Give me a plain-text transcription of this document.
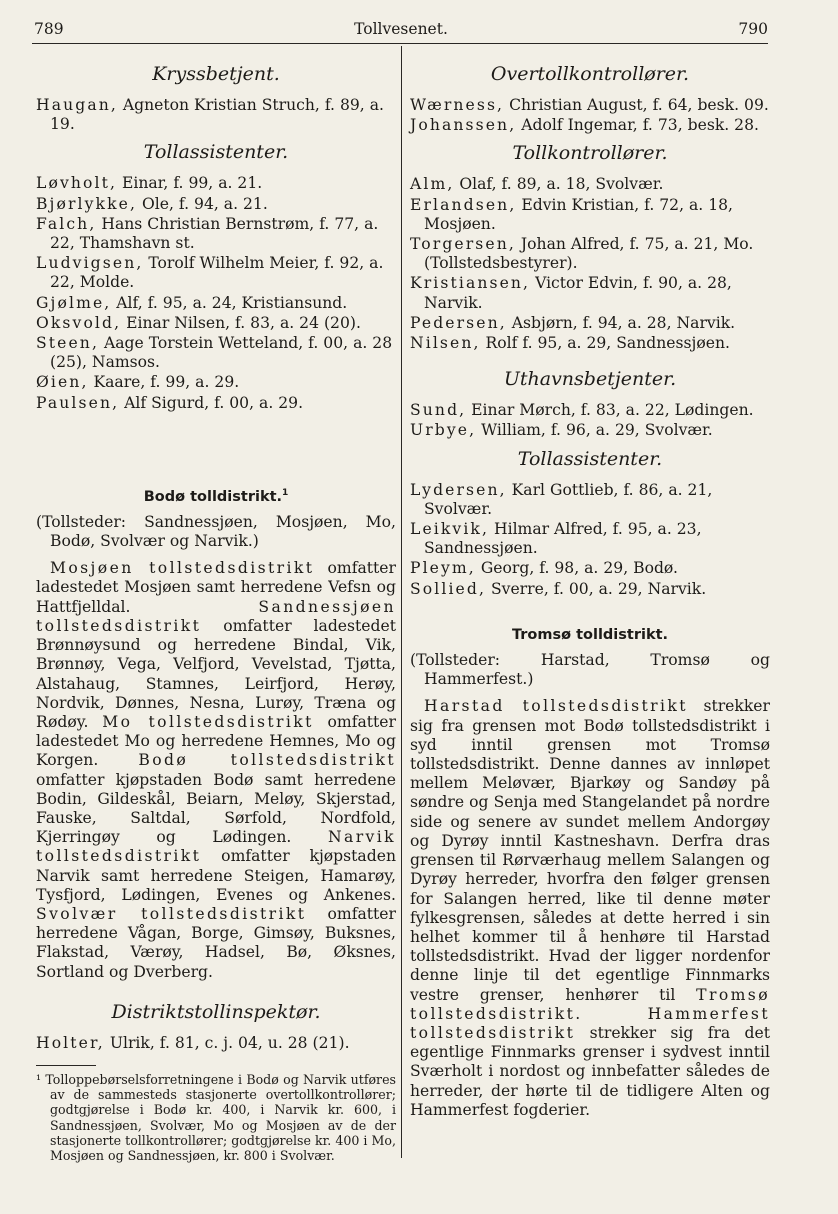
789	Tollvesenet.	790
Kryssbetjent.
Haugan, Agneton Kristian Struch, f. 89, a. 19.
Tollassistenter.
Løvholt, Einar, f. 99, a. 21.
Bjørlykke, Ole, f. 94, a. 21.
Falch, Hans Christian Bernstrøm, f. 77, a. 22, Thamshavn st.
Ludvigsen, Torolf Wilhelm Meier, f. 92, a. 22, Molde.
Gjølme, Alf, f. 95, a. 24, Kristiansund.
Oksvold, Einar Nilsen, f. 83, a. 24 (20).
Steen, Aage Torstein Wetteland, f. 00, a. 28 (25), Namsos.
Øien, Kaare, f. 99, a. 29.
Paulsen, Alf Sigurd, f. 00, a. 29.
Bodø tolldistrikt.$^1$
(Tollsteder: Sandnessjøen, Mosjøen, Mo, Bodø, Svolvær og Narvik.)
Mosjøen tollstedsdistrikt omfatter ladestedet Mosjøen samt herredene Vefsn og Hattfjelldal. Sandnessjøen tollstedsdistrikt omfatter ladestedet Brønnøysund og herredene Bindal, Vik, Brønnøy, Vega, Velfjord, Vevelstad, Tjøtta, Alstahaug, Stamnes, Leirfjord, Herøy, Nordvik, Dønnes, Nesna, Lurøy, Træna og Rødøy. Mo tollstedsdistrikt omfatter ladestedet Mo og herredene Hemnes, Mo og Korgen. Bodø tollstedsdistrikt omfatter kjøpstaden Bodø samt herredene Bodin, Gildeskål, Beiarn, Meløy, Skjerstad, Fauske, Saltdal, Sørfold, Nordfold, Kjerringøy og Lødingen. Narvik tollstedsdistrikt omfatter kjøpstaden Narvik samt herredene Steigen, Hamarøy, Tysfjord, Lødingen, Evenes og Ankenes. Svolvær tollstedsdistrikt omfatter herredene Vågan, Borge, Gimsøy, Buksnes, Flakstad, Værøy, Hadsel, Bø, Øksnes, Sortland og Dverberg.
Distriktstollinspektør.
Holter, Ulrik, f. 81, c. j. 04, u. 28 (21).
¹ Tolloppebørselsforretningene i Bodø og Narvik utføres av de sammesteds stasjonerte overtollkontrollører; godtgjørelse i Bodø kr. 400, i Narvik kr. 600, i Sandnessjøen, Svolvær, Mo og Mosjøen av de der stasjonerte tollkontrollører; godtgjørelse kr. 400 i Mo, Mosjøen og Sandnessjøen, kr. 800 i Svolvær.
Overtollkontrollører.
Wærness, Christian August, f. 64, besk. 09.
Johanssen, Adolf Ingemar, f. 73, besk. 28.
Tollkontrollører.
Alm, Olaf, f. 89, a. 18, Svolvær.
Erlandsen, Edvin Kristian, f. 72, a. 18, Mosjøen.
Torgersen, Johan Alfred, f. 75, a. 21, Mo. (Tollstedsbestyrer).
Kristiansen, Victor Edvin, f. 90, a. 28, Narvik.
Pedersen, Asbjørn, f. 94, a. 28, Narvik.
Nilsen, Rolf f. 95, a. 29, Sandnessjøen.
Uthavnsbetjenter.
Sund, Einar Mørch, f. 83, a. 22, Lødingen.
Urbye, William, f. 96, a. 29, Svolvær.
Tollassistenter.
Lydersen, Karl Gottlieb, f. 86, a. 21, Svolvær.
Leikvik, Hilmar Alfred, f. 95, a. 23, Sandnessjøen.
Pleym, Georg, f. 98, a. 29, Bodø.
Sollied, Sverre, f. 00, a. 29, Narvik.
Tromsø tolldistrikt.
(Tollsteder: Harstad, Tromsø og Hammerfest.)
Harstad tollstedsdistrikt strekker sig fra grensen mot Bodø tollstedsdistrikt i syd inntil grensen mot Tromsø tollstedsdistrikt. Denne dannes av innløpet mellem Meløvær, Bjarkøy og Sandøy på søndre og Senja med Stangelandet på nordre side og senere av sundet mellem Andorgøy og Dyrøy inntil Kastneshavn. Derfra dras grensen til Rørværhaug mellem Salangen og Dyrøy herreder, hvorfra den følger grensen for Salangen herred, like til denne møter fylkesgrensen, således at dette herred i sin helhet kommer til å henhøre til Harstad tollstedsdistrikt. Hvad der ligger nordenfor denne linje til det egentlige Finnmarks vestre grenser, henhører til Tromsø tollstedsdistrikt.	Hammerfest tollstedsdistrikt strekker sig fra det egentlige Finnmarks grenser i sydvest inntil Sværholt i nordost og innbefatter således de herreder, der hørte til de tidligere Alten og Hammerfest fogderier.
